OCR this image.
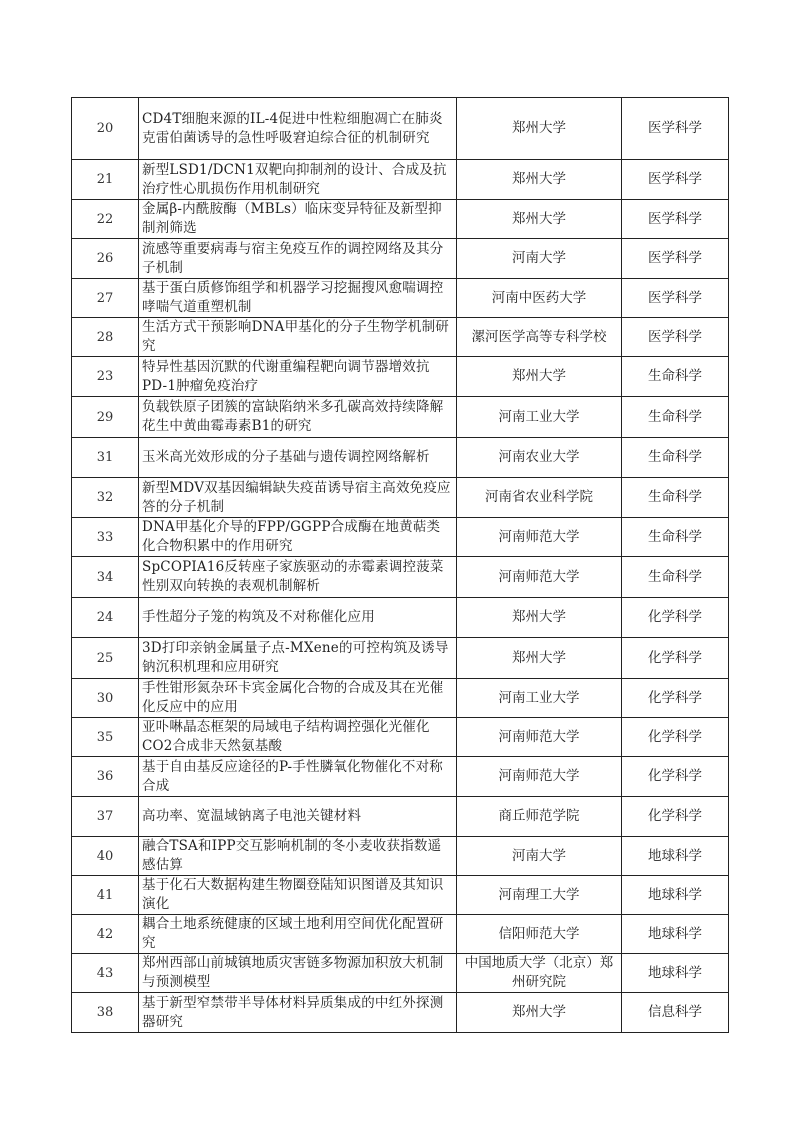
20	CD4T细胞来源的IL-4促进中性粒细胞凋亡在肺炎克雷伯菌诱导的急性呼吸窘迫综合征的机制研究	郑州大学	医学科学
21	新型LSD1/DCN1双靶向抑制剂的设计、合成及抗治疗性心肌损伤作用机制研究	郑州大学	医学科学
22	金属β-内酰胺酶（MBLs）临床变异特征及新型抑制剂筛选	郑州大学	医学科学
26	流感等重要病毒与宿主免疫互作的调控网络及其分子机制	河南大学	医学科学
27	基于蛋白质修饰组学和机器学习挖掘搜风愈喘调控哮喘气道重塑机制	河南中医药大学	医学科学
28	生活方式干预影响DNA甲基化的分子生物学机制研究	漯河医学高等专科学校	医学科学
23	特异性基因沉默的代谢重编程靶向调节器增效抗PD-1肿瘤免疫治疗	郑州大学	生命科学
29	负载铁原子团簇的富缺陷纳米多孔碳高效持续降解花生中黄曲霉毒素B1的研究	河南工业大学	生命科学
31	玉米高光效形成的分子基础与遗传调控网络解析	河南农业大学	生命科学
32	新型MDV双基因编辑缺失疫苗诱导宿主高效免疫应答的分子机制	河南省农业科学院	生命科学
33	DNA甲基化介导的FPP/GGPP合成酶在地黄萜类化合物积累中的作用研究	河南师范大学	生命科学
34	SpCOPIA16反转座子家族驱动的赤霉素调控菠菜性别双向转换的表观机制解析	河南师范大学	生命科学
24	手性超分子笼的构筑及不对称催化应用	郑州大学	化学科学
25	3D打印亲钠金属量子点-MXene的可控构筑及诱导钠沉积机理和应用研究	郑州大学	化学科学
30	手性钳形氮杂环卡宾金属化合物的合成及其在光催化反应中的应用	河南工业大学	化学科学
35	亚卟啉晶态框架的局域电子结构调控强化光催化CO2合成非天然氨基酸	河南师范大学	化学科学
36	基于自由基反应途径的P-手性膦氧化物催化不对称合成	河南师范大学	化学科学
37	高功率、宽温域钠离子电池关键材料	商丘师范学院	化学科学
40	融合TSA和IPP交互影响机制的冬小麦收获指数遥感估算	河南大学	地球科学
41	基于化石大数据构建生物圈登陆知识图谱及其知识演化	河南理工大学	地球科学
42	耦合土地系统健康的区域土地利用空间优化配置研究	信阳师范大学	地球科学
43	郑州西部山前城镇地质灾害链多物源加积放大机制与预测模型	中国地质大学（北京）郑州研究院	地球科学
38	基于新型窄禁带半导体材料异质集成的中红外探测器研究	郑州大学	信息科学
